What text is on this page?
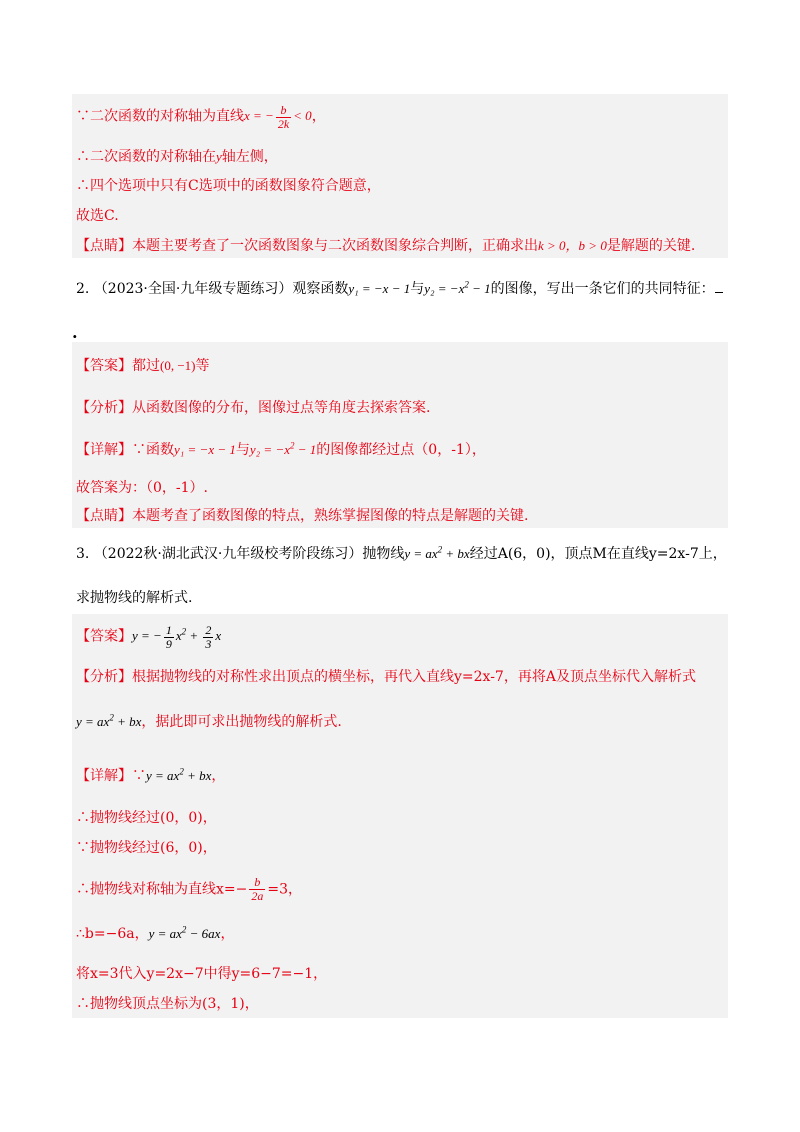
∵二次函数的对称轴为直线x = − $\frac{b}{2k} < 0$，
∴二次函数的对称轴在y轴左侧，
∴四个选项中只有C选项中的函数图象符合题意，
故选C.
【点睛】本题主要考查了一次函数图象与二次函数图象综合判断，正确求出k > 0，b > 0是解题的关键.
2. （2023·全国·九年级专题练习）观察函数y₁ = −x − 1与$y_2 = -x^2 - 1$的图像，写出一条它们的共同特征：
.
【答案】都过(0, −1)等
【分析】从函数图像的分布，图像过点等角度去探索答案.
【详解】∵函数y₁ = −x − 1与$y_2 = -x^2 - 1$的图像都经过点（0，-1），
故答案为：（0，-1）.
【点睛】本题考查了函数图像的特点，熟练掌握图像的特点是解题的关键.
3. （2022秋·湖北武汉·九年级校考阶段练习）抛物线$y = ax^2$ + bx经过A(6，0)，顶点M在直线y=2x-7上，
求抛物线的解析式.
【答案】y = − $\frac{1}{9} x^2 + \frac{2}{3}$ x
【分析】根据抛物线的对称性求出顶点的横坐标，再代入直线y=2x-7，再将A及顶点坐标代入解析式
$y = ax^2$ + bx，据此即可求出抛物线的解析式.
【详解】∵y = $ax^2$ + bx，
∴抛物线经过(0，0)，
∵抛物线经过(6，0)，
∴抛物线对称轴为直线$x=- \frac{b}{2a} =3$，
∴b=−6a，$y = ax^2 - 6ax$，
将x=3代入y=2x−7中得y=6−7=−1，
∴抛物线顶点坐标为(3，1)，
